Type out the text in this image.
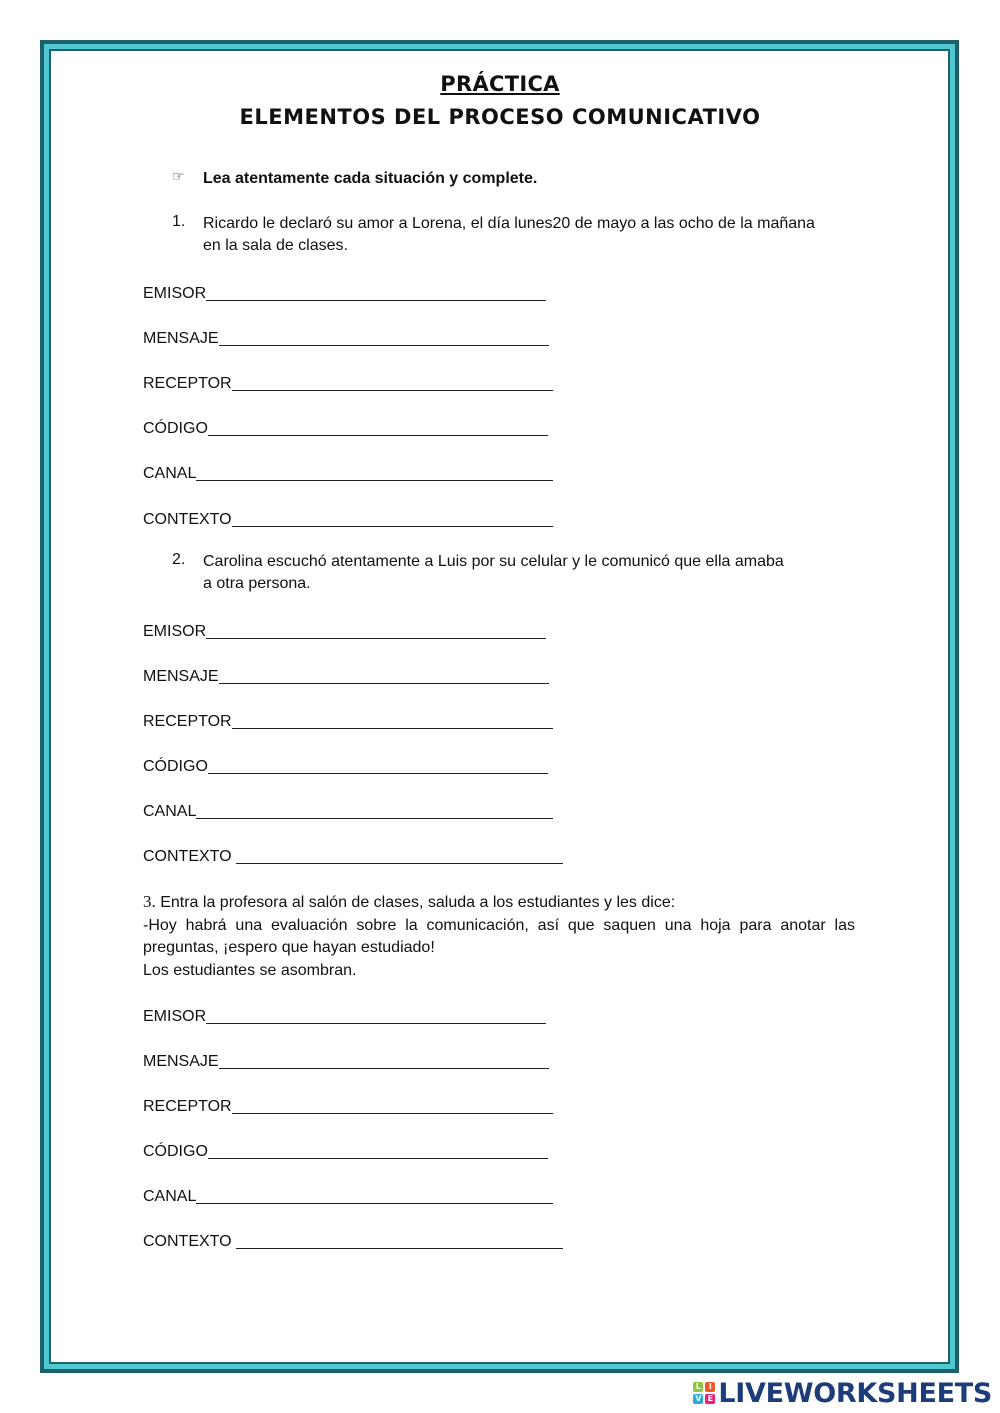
PRÁCTICA
ELEMENTOS DEL PROCESO COMUNICATIVO
☞ Lea atentamente cada situación y complete.
1. Ricardo le declaró su amor a Lorena, el día lunes20 de mayo a las ocho de la mañana
en la sala de clases.
EMISOR
MENSAJE
RECEPTOR
CÓDIGO
CANAL
CONTEXTO
2. Carolina escuchó atentamente a Luis por su celular y le comunicó que ella amaba
a otra persona.
EMISOR
MENSAJE
RECEPTOR
CÓDIGO
CANAL
CONTEXTO
3. Entra la profesora al salón de clases, saluda a los estudiantes y les dice:
-Hoy habrá una evaluación sobre la comunicación, así que saquen una hoja para anotar las preguntas, ¡espero que hayan estudiado!
Los estudiantes se asombran.
EMISOR
MENSAJE
RECEPTOR
CÓDIGO
CANAL
CONTEXTO
L I
V E LIVEWORKSHEETS
